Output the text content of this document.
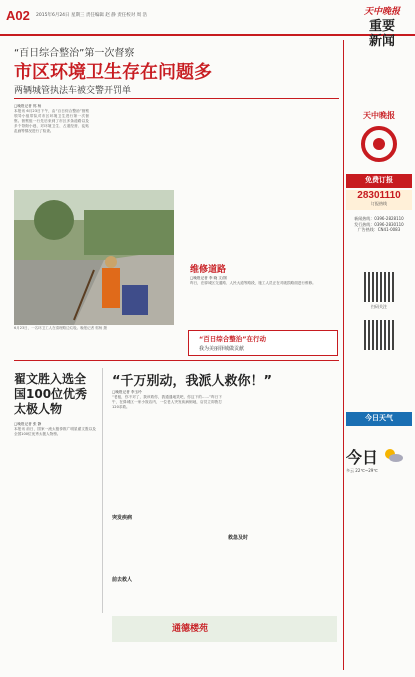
A02 2015年6月24日 星期三 责任编辑 赵 静 责任校对 周 浩	天中晚报
重要新闻
“百日综合整治”第一次督察
市区环境卫生存在问题多
两辆城管执法车被交警开罚单
□晚报记者 郭 杨
本报讯 6月23日下午，由“百日综合整治”督察领导小组带队对市区环境卫生进行第一次督察。督察组一行先后来到了市区多条道路以及多个背街小巷，对环境卫生、占道经营、乱贴乱画等情况进行了检查。
6月23日，一名环卫工人在清理路边垃圾。晚报记者 郭杨 摄
维修道路
□晚报记者 李 晓 文/图
昨日，在驿城区交通路、人民大道等路段，施工人员正在对破损路面进行维修。
“百日综合整治”在行动
我为美丽驿城做贡献
翟文胜入选全国100位优秀太极人物
□晚报记者 张 静
本报讯 前日，国家一流太极拳推广明星翟文胜以及全国100位优秀太极人物榜。
“千万别动，我派人救你！”
□晚报记者 李玉玲
“老板，你不对了，我该救你，我通通地笑吧，你这下的……”昨日下午，在驿城区一家小饭店内，一位老人突发疾病倒地，店员立即拨打120求救。
突发疾病
前去救人
救急及时
通德楼苑
天中晚报
免费订报
28301110
订报热线
新闻热线：0396-2828110
发行热线：0396-2830110
广告热线：CN41-0083
扫码关注
今日天气
今日
多云 22℃~29℃
